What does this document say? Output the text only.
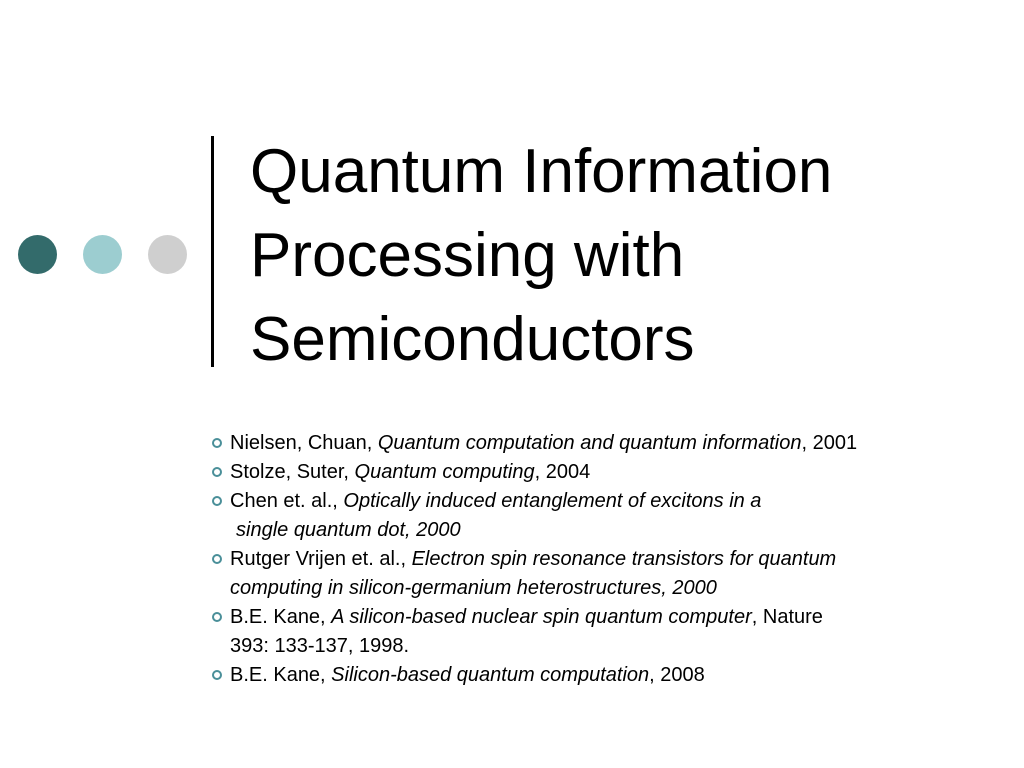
Quantum Information
Processing with
Semiconductors
Nielsen, Chuan, Quantum computation and quantum information, 2001
Stolze, Suter, Quantum computing, 2004
Chen et. al., Optically induced entanglement of excitons in a
single quantum dot, 2000
Rutger Vrijen et. al., Electron spin resonance transistors for quantum
computing in silicon-germanium heterostructures, 2000
B.E. Kane, A silicon-based nuclear spin quantum computer, Nature
393: 133-137, 1998.
B.E. Kane, Silicon-based quantum computation, 2008
